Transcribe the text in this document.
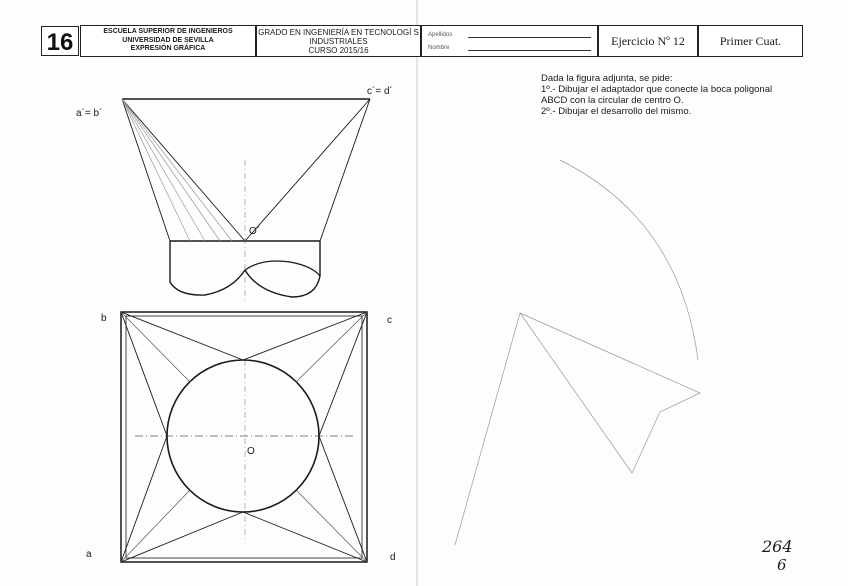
16	ESCUELA SUPERIOR DE INGENIEROS
UNIVERSIDAD DE SEVILLA
EXPRESIÓN GRÁFICA
GRADO EN INGENIERÍA EN TECNOLOGÍ S
INDUSTRIALES
CURSO 2015/16
Apellidos
Nombre
Ejercicio Nº 12	Primer Cuat.
Dada la figura adjunta, se pide:
1º.- Dibujar el adaptador que conecte la boca poligonal
ABCD con la circular de centro O.
2º.- Dibujar el desarrollo del mismo.
a´= b´
c´= d´
O´
b	c
O
a	d
264
6
